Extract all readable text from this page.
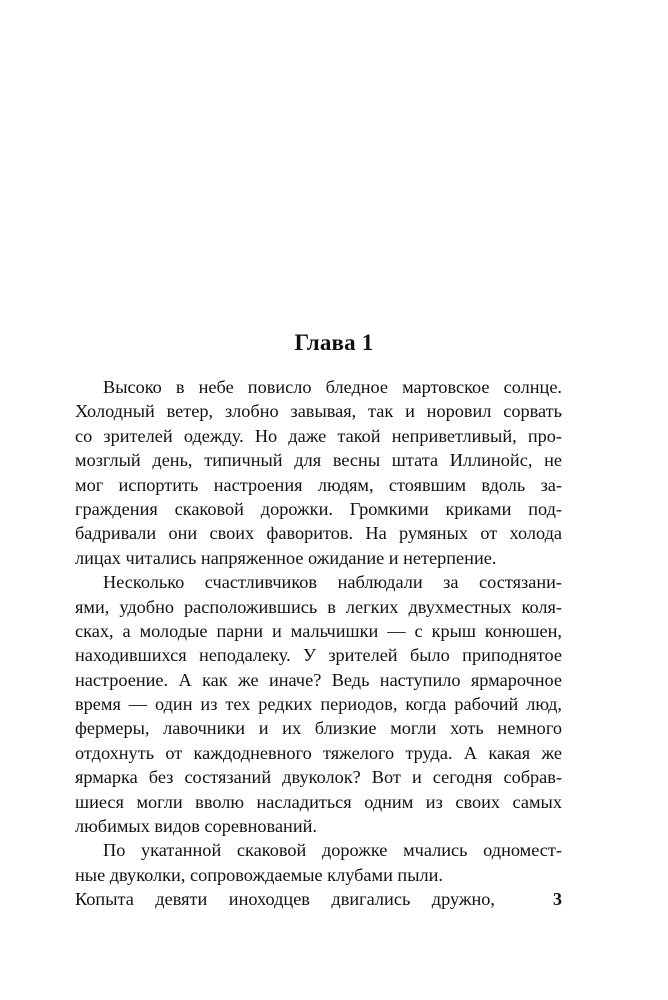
Глава 1
Высоко в небе повисло бледное мартовское солнце.
Холодный ветер, злобно завывая, так и норовил сорвать
со зрителей одежду. Но даже такой неприветливый, про-
мозглый день, типичный для весны штата Иллинойс, не
мог испортить настроения людям, стоявшим вдоль за-
граждения скаковой дорожки. Громкими криками под-
бадривали они своих фаворитов. На румяных от холода
лицах читались напряженное ожидание и нетерпение.
Несколько счастливчиков наблюдали за состязани-
ями, удобно расположившись в легких двухместных коля-
сках, а молодые парни и мальчишки — с крыш конюшен,
находившихся неподалеку. У зрителей было приподнятое
настроение. А как же иначе? Ведь наступило ярмарочное
время — один из тех редких периодов, когда рабочий люд,
фермеры, лавочники и их близкие могли хоть немного
отдохнуть от каждодневного тяжелого труда. А какая же
ярмарка без состязаний двуколок? Вот и сегодня собрав-
шиеся могли вволю насладиться одним из своих самых
любимых видов соревнований.
По укатанной скаковой дорожке мчались одномест-
ные двуколки, сопровождаемые клубами пыли.
Копыта девяти иноходцев двигались дружно,	3
